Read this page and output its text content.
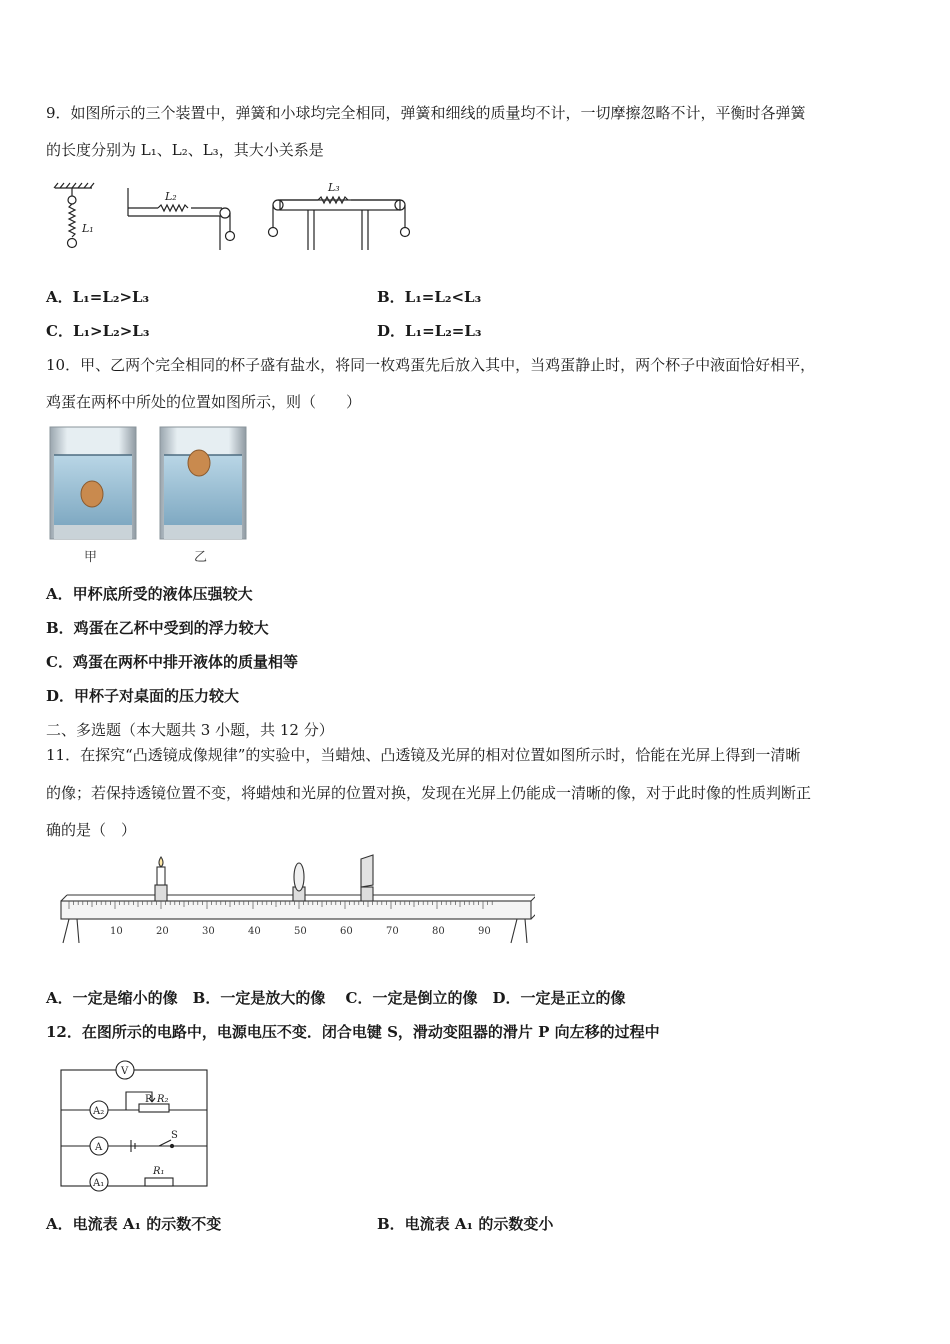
9．如图所示的三个装置中，弹簧和小球均完全相同，弹簧和细线的质量均不计，一切摩擦忽略不计，平衡时各弹簧
的长度分别为 L₁、L₂、L₃，其大小关系是
L₁
L₂
L₃
A．L₁=L₂>L₃	B．L₁=L₂<L₃
C．L₁>L₂>L₃	D．L₁=L₂=L₃
10．甲、乙两个完全相同的杯子盛有盐水，将同一枚鸡蛋先后放入其中，当鸡蛋静止时，两个杯子中液面恰好相平，
鸡蛋在两杯中所处的位置如图所示，则（　　）
甲	乙
A．甲杯底所受的液体压强较大
B．鸡蛋在乙杯中受到的浮力较大
C．鸡蛋在两杯中排开液体的质量相等
D．甲杯子对桌面的压力较大
二、多选题（本大题共 3 小题，共 12 分）
11．在探究“凸透镜成像规律”的实验中，当蜡烛、凸透镜及光屏的相对位置如图所示时，恰能在光屏上得到一清晰
的像；若保持透镜位置不变，将蜡烛和光屏的位置对换，发现在光屏上仍能成一清晰的像，对于此时像的性质判断正
确的是（　）
10	20	30	40	50	60	70	80	90
A．一定是缩小的像　B．一定是放大的像　 C．一定是倒立的像　D．一定是正立的像
12．在图所示的电路中，电源电压不变．闭合电键 S，滑动变阻器的滑片 P 向左移的过程中
V
A₂
P R₂
A
S
A₁
R₁
A．电流表 A₁ 的示数不变	B．电流表 A₁ 的示数变小
